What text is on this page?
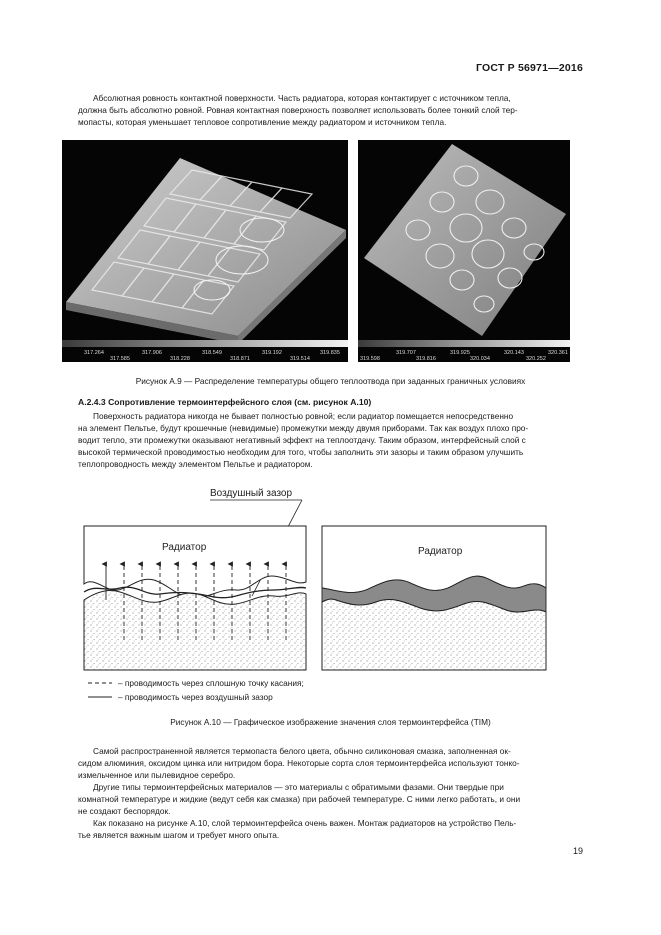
ГОСТ Р 56971—2016

Абсолютная ровность контактной поверхности. Часть радиатора, которая контактирует с источником тепла,
должна быть абсолютно ровной. Ровная контактная поверхность позволяет использовать более тонкий слой тер-
мопасты, которая уменьшает тепловое сопротивление между радиатором и источником тепла.

317.264	317.906	318.549	319.192	319.835
317.585	318.228	318.871	319.514
319.707	319.925	320.143	320.361
319.598	319.816	320.034	320.252
Рисунок А.9 — Распределение температуры общего теплоотвода при заданных граничных условиях
А.2.4.3 Сопротивление термоинтерфейсного слоя (см. рисунок А.10)

Поверхность радиатора никогда не бывает полностью ровной; если радиатор помещается непосредственно
на элемент Пельтье, будут крошечные (невидимые) промежутки между двумя приборами. Так как воздух плохо про-
водит тепло, эти промежутки оказывают негативный эффект на теплоотдачу. Таким образом, интерфейсный слой с
высокой термической проводимостью необходим для того, чтобы заполнить эти зазоры и таким образом улучшить
теплопроводность между элементом Пельтье и радиатором.

Воздушный зазор
Радиатор	Радиатор
– проводимость через сплошную точку касания;
– проводимость через воздушный зазор
Рисунок А.10 — Графическое изображение значения слоя термоинтерфейса (TIM)

Самой распространенной является термопаста белого цвета, обычно силиконовая смазка, заполненная ок-
сидом алюминия, оксидом цинка или нитридом бора. Некоторые сорта слоя термоинтерфейса используют тонко-
измельченное или пылевидное серебро.

Другие типы термоинтерфейсных материалов — это материалы с обратимыми фазами. Они твердые при
комнатной температуре и жидкие (ведут себя как смазка) при рабочей температуре. С ними легко работать, и они
не создают беспорядок.

Как показано на рисунке А.10, слой термоинтерфейса очень важен. Монтаж радиаторов на устройство Пель-
тье является важным шагом и требует много опыта.

19
